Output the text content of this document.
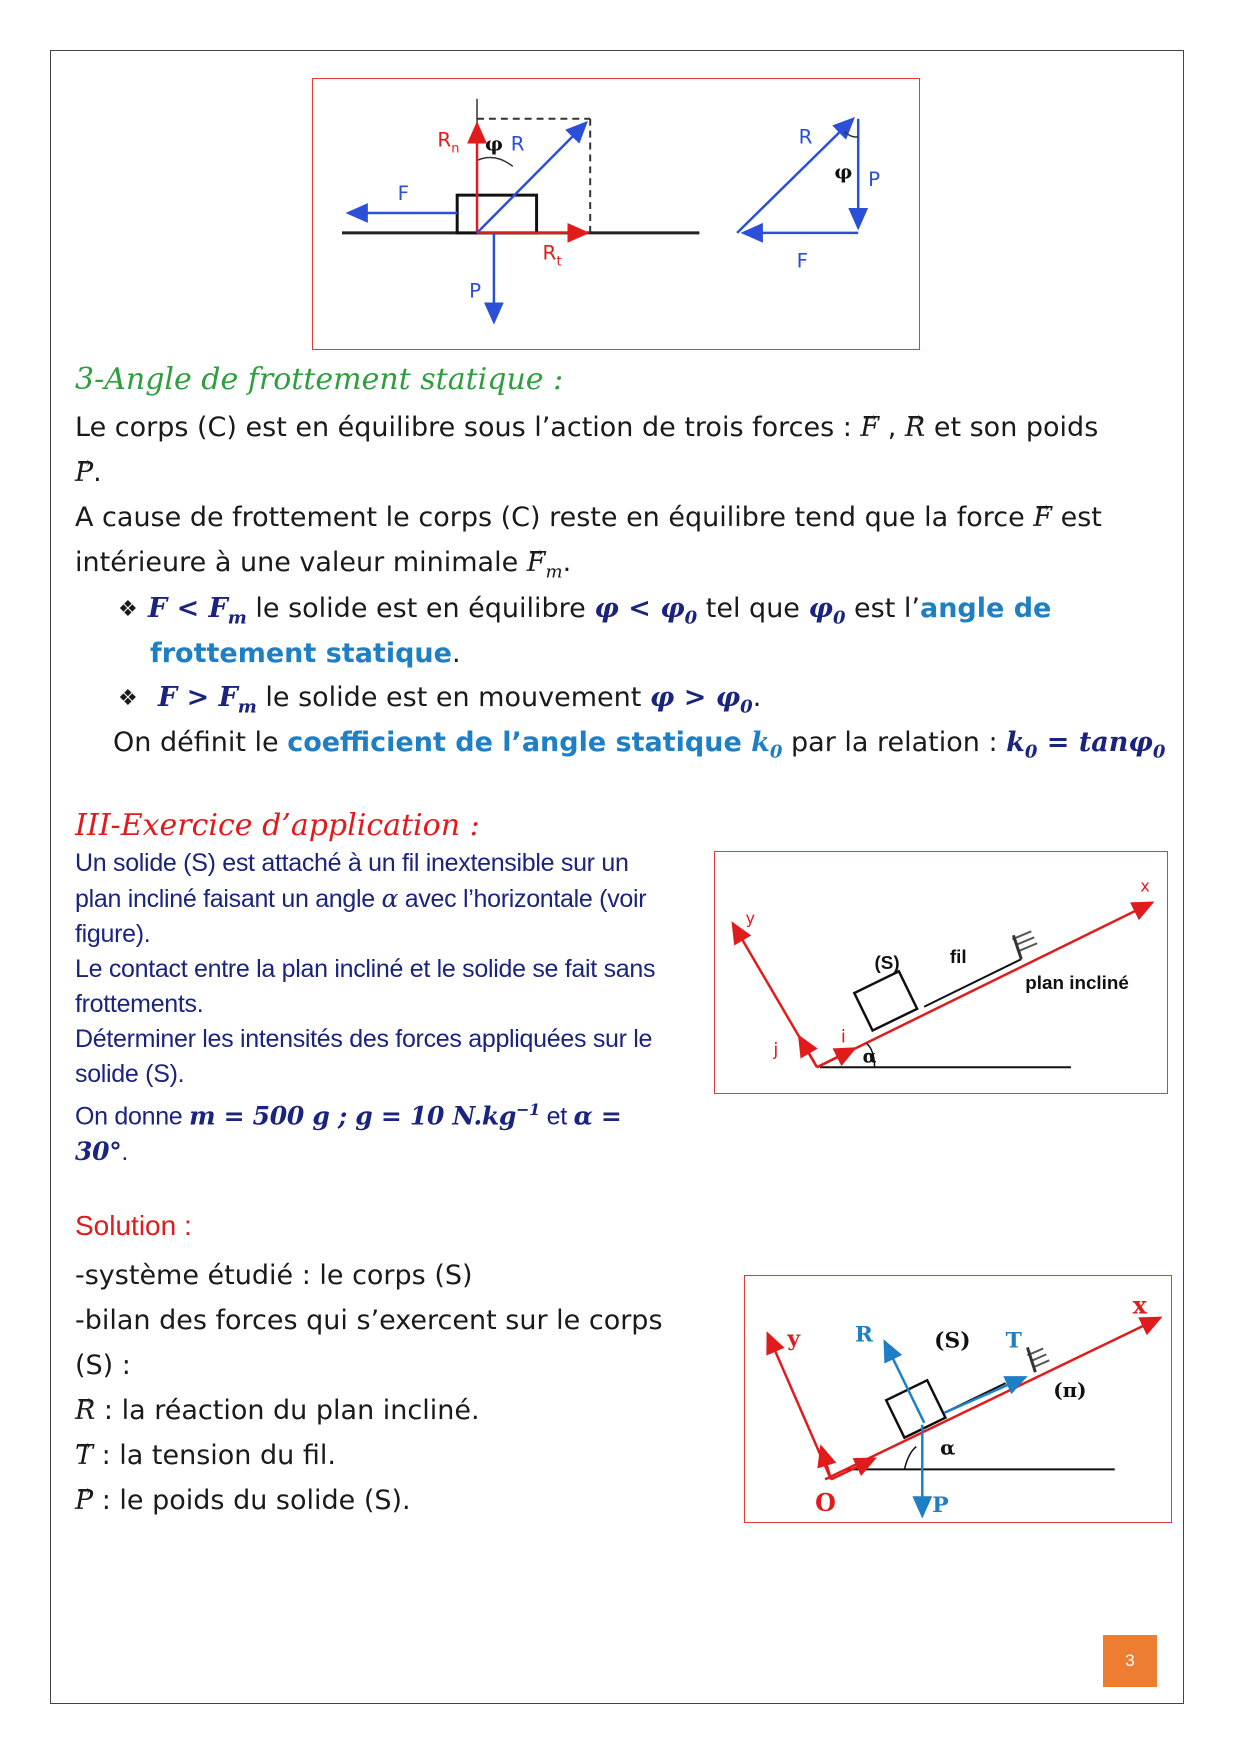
R n φ R
F
R t
P
R
φ P
F
3-Angle de frottement statique :
Le corps (C) est en équilibre sous l’action de trois forces : → F , → R et son poids
→ P.
A cause de frottement le corps (C) reste en équilibre tend que la force → F est
intérieure à une valeur minimale → $F_m$.
❖ $F < F_m$ le solide est en équilibre $\varphi < \varphi_0$ tel que $\varphi_0$ est l’angle de
frottement statique.
❖ $F > F_m$ le solide est en mouvement $\varphi > \varphi_0$.
On définit le coefficient de l’angle statique $k_0$ par la relation : $k_0 = \tan\varphi_0$
III-Exercice d’application :
Un solide (S) est attaché à un fil inextensible sur un
plan incliné faisant un angle α avec l’horizontale (voir
figure).
Le contact entre la plan incliné et le solide se fait sans
frottements.
Déterminer les intensités des forces appliquées sur le
solide (S).
On donne m = 500 g ; g = 10 $N.kg^{-1}$ et α =
30°.
x
y
(S)	fil
plan incliné
i
j	α
Solution :
-système étudié : le corps (S)
-bilan des forces qui s’exercent sur le corps
(S) :
→ R : la réaction du plan incliné.
→ T : la tension du fil.
→ P : le poids du solide (S).
x
y R	(S) T
(π)
α
O	P
3
